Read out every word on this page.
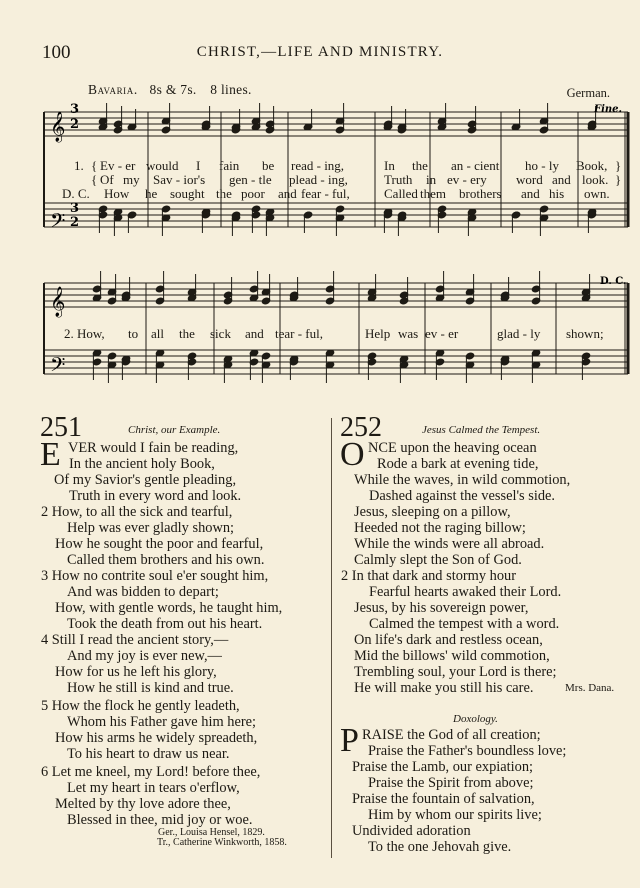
100	CHRIST,—LIFE AND MINISTRY.
Bavaria. 8s & 7s. 8 lines.	German.
𝄞
𝄢
𝄞
𝄢
3
2
3
2
Fine.
D. C.
1. { Ev - er would I fain be read - ing,	In the an - cient ho - ly Book, }
{ Of my Sav - ior's gen - tle plead - ing,	Truth in ev - ery word and look. }
D. C. How he sought the poor and fear - ful,	Called them brothers and his own.
2. How, to all the sick and tear - ful,	Help was ev - er	glad - ly shown;
251	Christ, our Example.
E VER would I fain be reading,
In the ancient holy Book,
Of my Savior's gentle pleading,
Truth in every word and look.
2 How, to all the sick and tearful,
Help was ever gladly shown;
How he sought the poor and fearful,
Called them brothers and his own.
3 How no contrite soul e'er sought him,
And was bidden to depart;
How, with gentle words, he taught him,
Took the death from out his heart.
4 Still I read the ancient story,—
And my joy is ever new,—
How for us he left his glory,
How he still is kind and true.
5 How the flock he gently leadeth,
Whom his Father gave him here;
How his arms he widely spreadeth,
To his heart to draw us near.
6 Let me kneel, my Lord! before thee,
Let my heart in tears o'erflow,
Melted by thy love adore thee,
Blessed in thee, mid joy or woe.
Ger., Louisa Hensel, 1829.
Tr., Catherine Winkworth, 1858.
252	Jesus Calmed the Tempest.
O NCE upon the heaving ocean
Rode a bark at evening tide,
While the waves, in wild commotion,
Dashed against the vessel's side.
Jesus, sleeping on a pillow,
Heeded not the raging billow;
While the winds were all abroad.
Calmly slept the Son of God.
2 In that dark and stormy hour
Fearful hearts awaked their Lord.
Jesus, by his sovereign power,
Calmed the tempest with a word.
On life's dark and restless ocean,
Mid the billows' wild commotion,
Trembling soul, your Lord is there;
He will make you still his care.	Mrs. Dana.
Doxology.
P RAISE the God of all creation;
Praise the Father's boundless love;
Praise the Lamb, our expiation;
Praise the Spirit from above;
Praise the fountain of salvation,
Him by whom our spirits live;
Undivided adoration
To the one Jehovah give.
